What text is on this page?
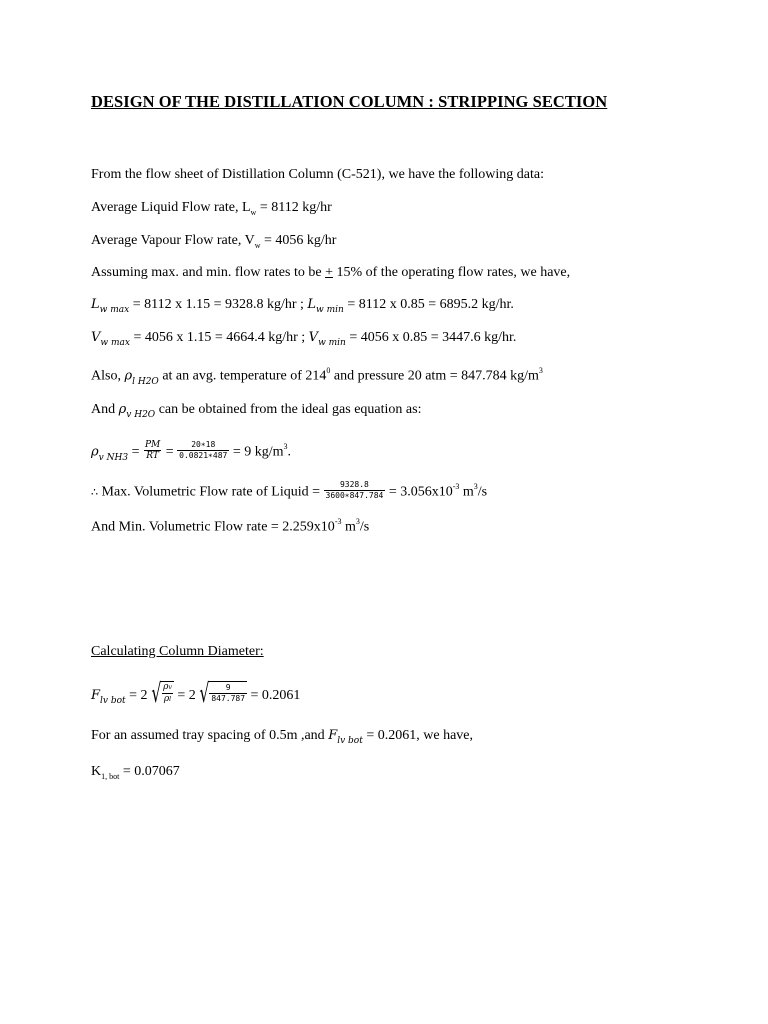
DESIGN OF THE DISTILLATION COLUMN : STRIPPING SECTION
From the flow sheet of Distillation Column (C-521), we have the following data:
Average Liquid Flow rate, $L_w = 8112$ kg/hr
Average Vapour Flow rate, $V_w = 4056$ kg/hr
Assuming max. and min. flow rates to be + 15% of the operating flow rates, we have,
$L_{w max} = 8112$ x 1.15 = 9328.8 kg/hr ; $L_{w min} = 8112$ x 0.85 = 6895.2 kg/hr.
$V_{w max} = 4056$ x 1.15 = 4664.4 kg/hr ; $V_{w min} = 4056$ x 0.85 = 3447.6 kg/hr.
Also, $\rho_{l H2O}$ at an avg. temperature of $214^0$ and pressure 20 atm = 847.784 $kg/m^3$
And $\rho_{v H2O}$ can be obtained from the ideal gas equation as:
$\rho_{v NH3} = \frac{PM}{RT} = \frac{20∗18}{0.0821∗487} = 9$ $kg/m^3$.
∴ Max. Volumetric Flow rate of Liquid = $\frac{9328.8}{3600∗847.784} = 3.056x10^{-3}$ $m^3/s$
And Min. Volumetric Flow rate = $2.259x10^{-3}$ $m^3/s$
Calculating Column Diameter:
$F_{lv bot} = 2$ √ $\frac{\rho v}{\rho l} = 2$ √ $\frac{9}{847.787} = 0.2061$
For an assumed tray spacing of 0.5m ,and $F_{lv bot} = 0.2061$, we have,
$K_{1, bot} = 0.07067$
